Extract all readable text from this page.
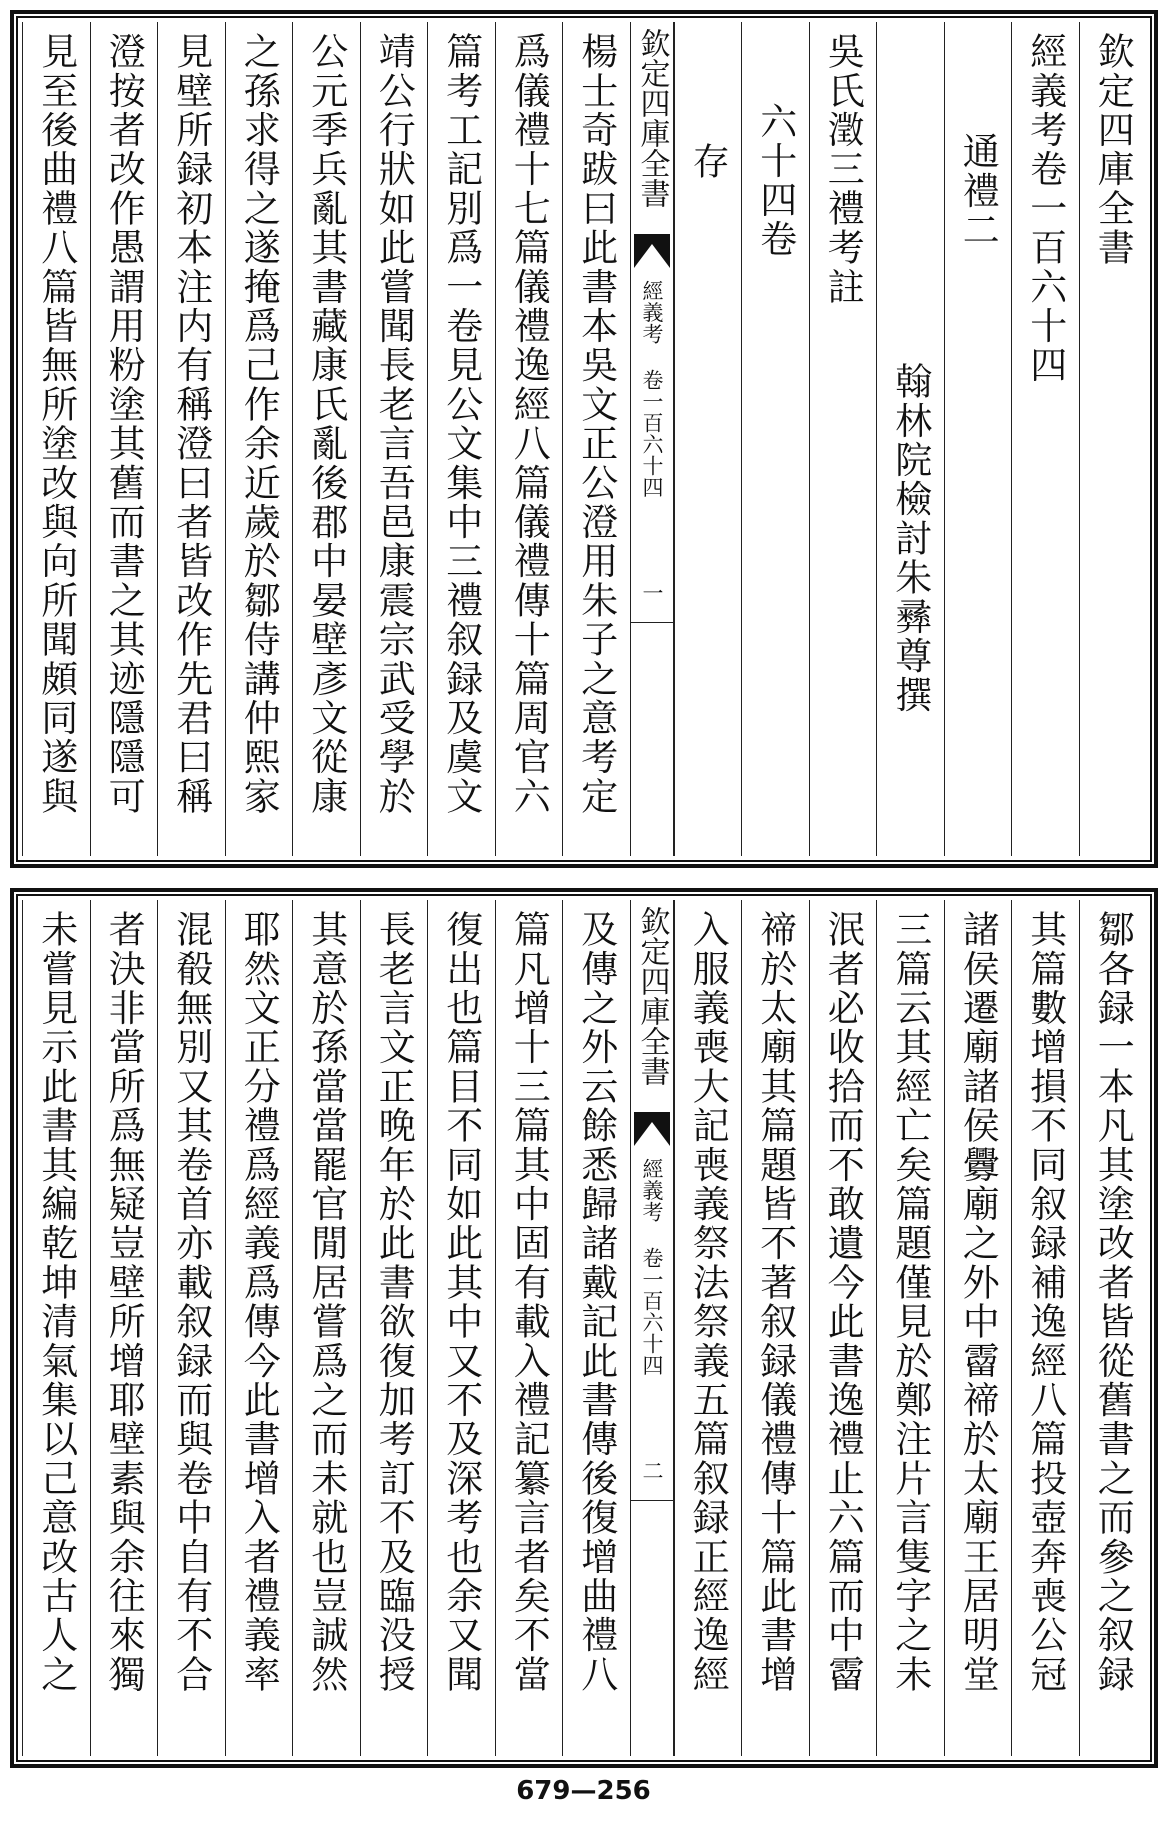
欽定四庫全書
經義考卷一百六十四
通禮二
翰林院檢討朱彞尊撰
吳氏澂三禮考註
六十四卷
存
楊士奇跋曰此書本吳文正公澄用朱子之意考定
爲儀禮十七篇儀禮逸經八篇儀禮傳十篇周官六
篇考工記別爲一卷見公文集中三禮叙録及虞文
靖公行狀如此嘗聞長老言吾邑康震宗武受學於
公元季兵亂其書藏康氏亂後郡中晏壁彥文從康
之孫求得之遂掩爲己作余近歲於鄒侍講仲熙家
見壁所録初本注内有稱澄曰者皆改作先君曰稱
澄按者改作愚謂用粉塗其舊而書之其迹隱隱可
見至後曲禮八篇皆無所塗改與向所聞頗同遂與	欽定四庫全書
經義考 卷一百六十四
一
鄒各録一本凡其塗改者皆從舊書之而參之叙録
其篇數增損不同叙録補逸經八篇投壺奔喪公冠
諸侯遷廟諸侯釁廟之外中霤禘於太廟王居明堂
三篇云其經亡矣篇題僅見於鄭注片言隻字之未
泯者必收拾而不敢遺今此書逸禮止六篇而中霤
禘於太廟其篇題皆不著叙録儀禮傳十篇此書增
入服義喪大記喪義祭法祭義五篇叙録正經逸經
及傳之外云餘悉歸諸戴記此書傳後復增曲禮八
篇凡增十三篇其中固有載入禮記纂言者矣不當
復出也篇目不同如此其中又不及深考也余又聞
長老言文正晚年於此書欲復加考訂不及臨没授
其意於孫當當罷官閒居嘗爲之而未就也豈誠然
耶然文正分禮爲經義爲傳今此書增入者禮義率
混殽無別又其卷首亦載叙録而與卷中自有不合
者決非當所爲無疑豈壁所增耶壁素與余往來獨
未嘗見示此書其編乾坤清氣集以己意改古人之	欽定四庫全書
經義考 卷一百六十四
二
679—256
